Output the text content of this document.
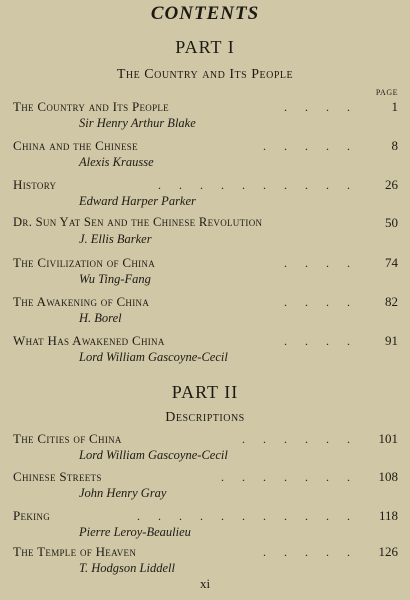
CONTENTS
PART I
The Country and Its People
PAGE
The Country and Its People	.      .      .      .	1
Sir Henry Arthur Blake
China and the Chinese	.      .      .      .      .	8
Alexis Krausse
History	.      .      .      .      .      .      .      .      .      .	26
Edward Harper Parker
Dr. Sun Yat Sen and the Chinese Revolution	50
J. Ellis Barker
The Civilization of China	.      .      .      .	74
Wu Ting-Fang
The Awakening of China	.      .      .      .	82
H. Borel
What Has Awakened China	.      .      .      .	91
Lord William Gascoyne-Cecil
PART II
Descriptions
The Cities of China	.      .      .      .      .      . 101
Lord William Gascoyne-Cecil
Chinese Streets	.      .      .      .      .      .      . 108
John Henry Gray
Peking	.      .      .      .      .      .      .      .      .      .      . 118
Pierre Leroy-Beaulieu
The Temple of Heaven	.      .      .      .      . 126
T. Hodgson Liddell
xi
